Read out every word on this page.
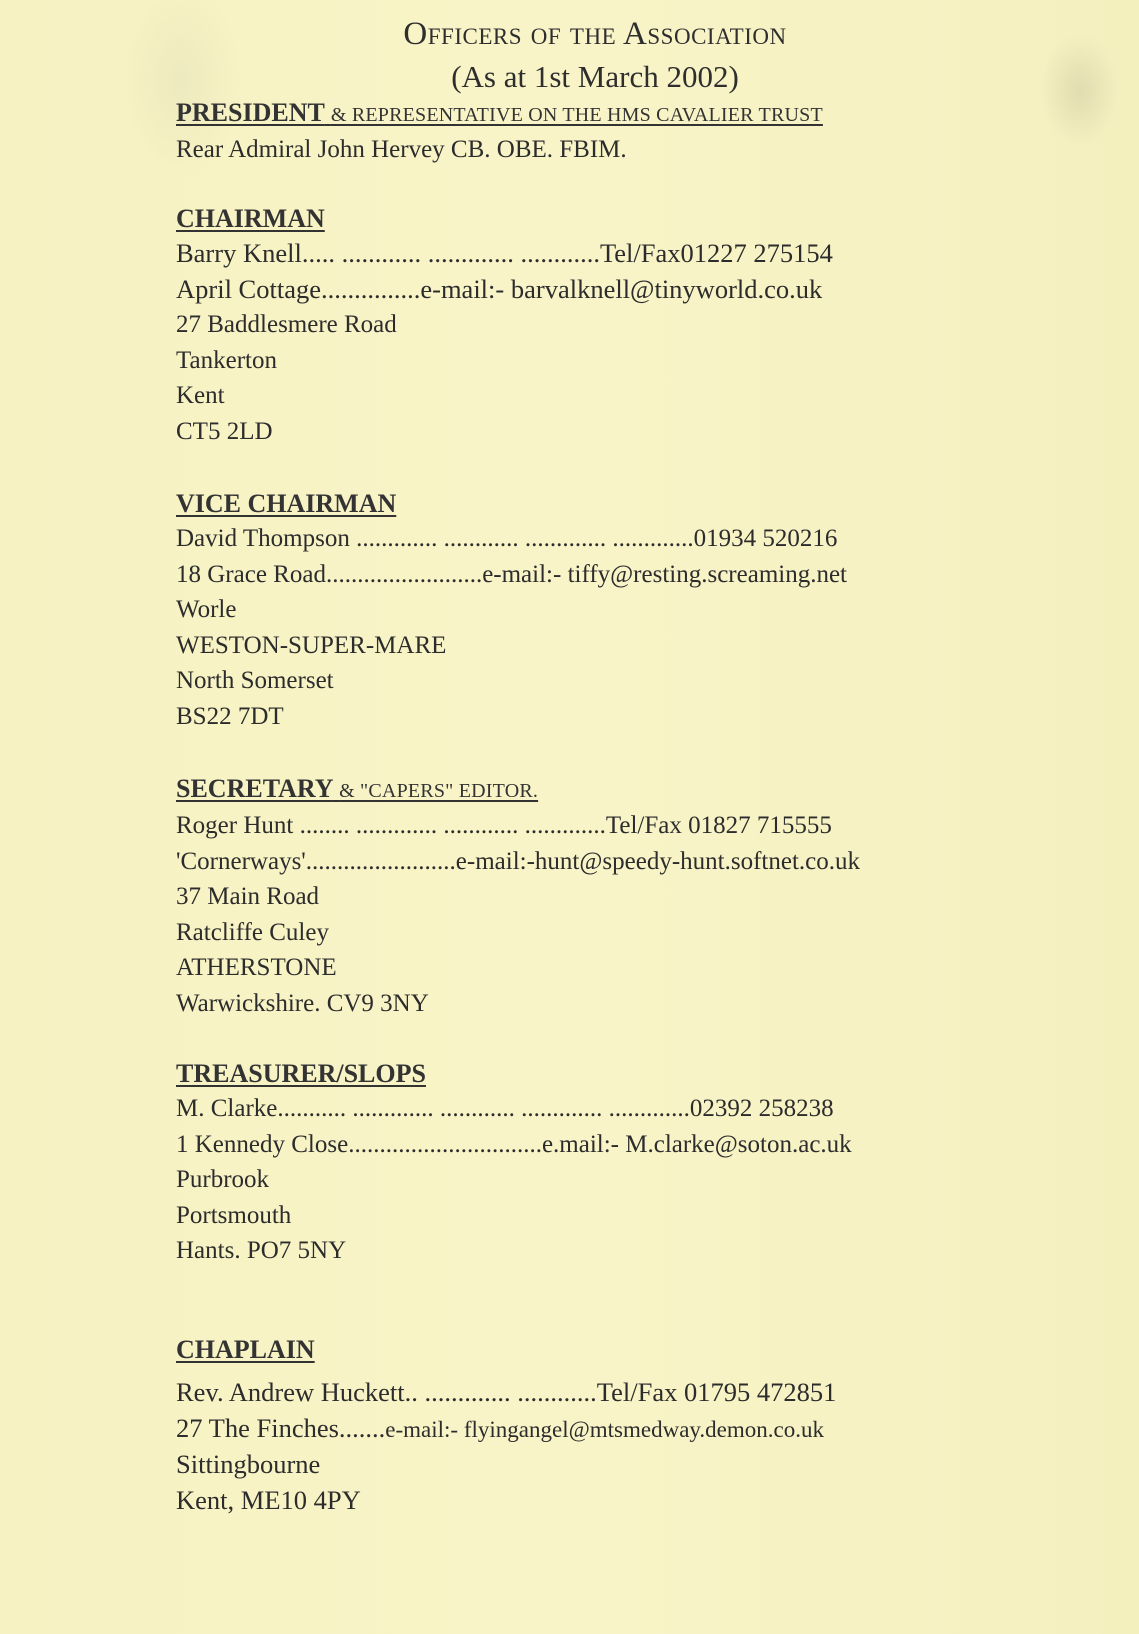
Officers of the Association
(As at 1st March 2002)
PRESIDENT & REPRESENTATIVE ON THE HMS CAVALIER TRUST
Rear Admiral John Hervey CB. OBE. FBIM.
CHAIRMAN
Barry Knell..... ............ ............. ............Tel/Fax01227 275154
April Cottage...............e-mail:- barvalknell@tinyworld.co.uk
27 Baddlesmere Road
Tankerton
Kent
CT5 2LD
VICE CHAIRMAN
David Thompson ............. ............ ............. .............01934 520216
18 Grace Road.........................e-mail:- tiffy@resting.screaming.net
Worle
WESTON-SUPER-MARE
North Somerset
BS22 7DT
SECRETARY & "CAPERS" EDITOR.
Roger Hunt ........ ............. ............ .............Tel/Fax 01827 715555
'Cornerways'........................e-mail:-hunt@speedy-hunt.softnet.co.uk
37 Main Road
Ratcliffe Culey
ATHERSTONE
Warwickshire. CV9 3NY
TREASURER/SLOPS
M. Clarke........... ............. ............ ............. .............02392 258238
1 Kennedy Close...............................e.mail:- M.clarke@soton.ac.uk
Purbrook
Portsmouth
Hants. PO7 5NY
CHAPLAIN
Rev. Andrew Huckett.. ............. ............Tel/Fax 01795 472851
27 The Finches.......e-mail:- flyingangel@mtsmedway.demon.co.uk
Sittingbourne
Kent, ME10 4PY
